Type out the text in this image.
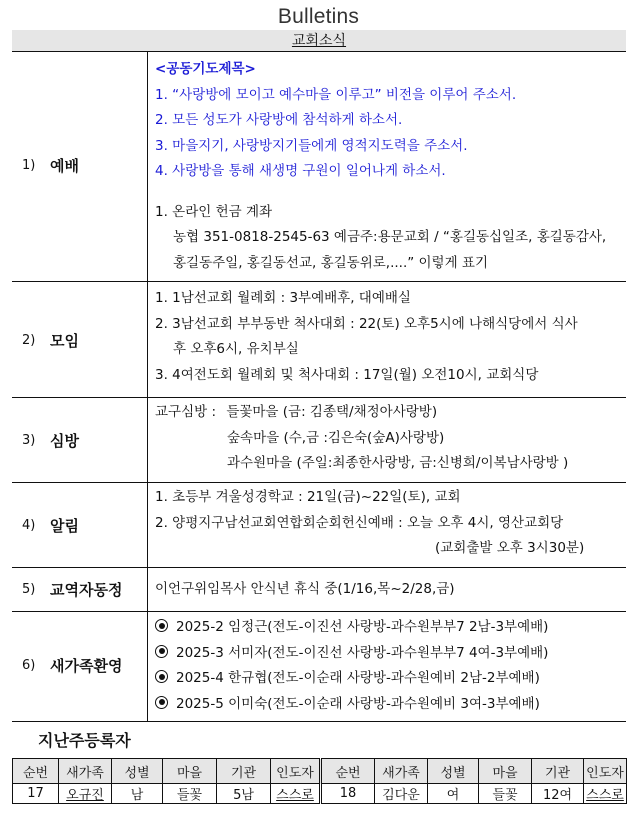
Bulletins
교회소식
1) 예배
<공동기도제목>
1. “사랑방에 모이고 예수마을 이루고” 비전을 이루어 주소서.
2. 모든 성도가 사랑방에 참석하게 하소서.
3. 마을지기, 사랑방지기들에게 영적지도력을 주소서.
4. 사랑방을 통해 새생명 구원이 일어나게 하소서.
1. 온라인 헌금 계좌
농협 351-0818-2545-63 예금주:용문교회 / “홍길동십일조, 홍길동감사,
홍길동주일, 홍길동선교, 홍길동위로,....” 이렇게 표기
2) 모임
1. 1남선교회 월례회 : 3부예배후, 대예배실
2. 3남선교회 부부동반 척사대회 : 22(토) 오후5시에 나해식당에서 식사
후 오후6시, 유치부실
3. 4여전도회 월례회 및 척사대회 : 17일(월) 오전10시, 교회식당
3) 심방
교구심방 : 들꽃마을 (금: 김종택/채정아사랑방)
숲속마을 (수,금 :김은숙(숲A)사랑방)
과수원마을 (주일:최종한사랑방, 금:신병희/이복남사랑방 )
4) 알림
1. 초등부 겨울성경학교 : 21일(금)~22일(토), 교회
2. 양평지구남선교회연합회순회헌신예배 : 오늘 오후 4시, 영산교회당
(교회출발 오후 3시30분)
5) 교역자동정 이언구위임목사 안식년 휴식 중(1/16,목~2/28,금)
6) 새가족환영
2025-2 임정근(전도-이진선 사랑방-과수원부부7 2남-3부예배)
2025-3 서미자(전도-이진선 사랑방-과수원부부7 4여-3부예배)
2025-4 한규협(전도-이순래 사랑방-과수원예비 2남-2부예배)
2025-5 이미숙(전도-이순래 사랑방-과수원예비 3여-3부예배)
지난주등록자
순번	새가족	성별	마을	기관	인도자	순번	새가족	성별	마을	기관	인도자
17	오규진	남	들꽃	5남	스스로	18	김다운	여	들꽃	12여	스스로
